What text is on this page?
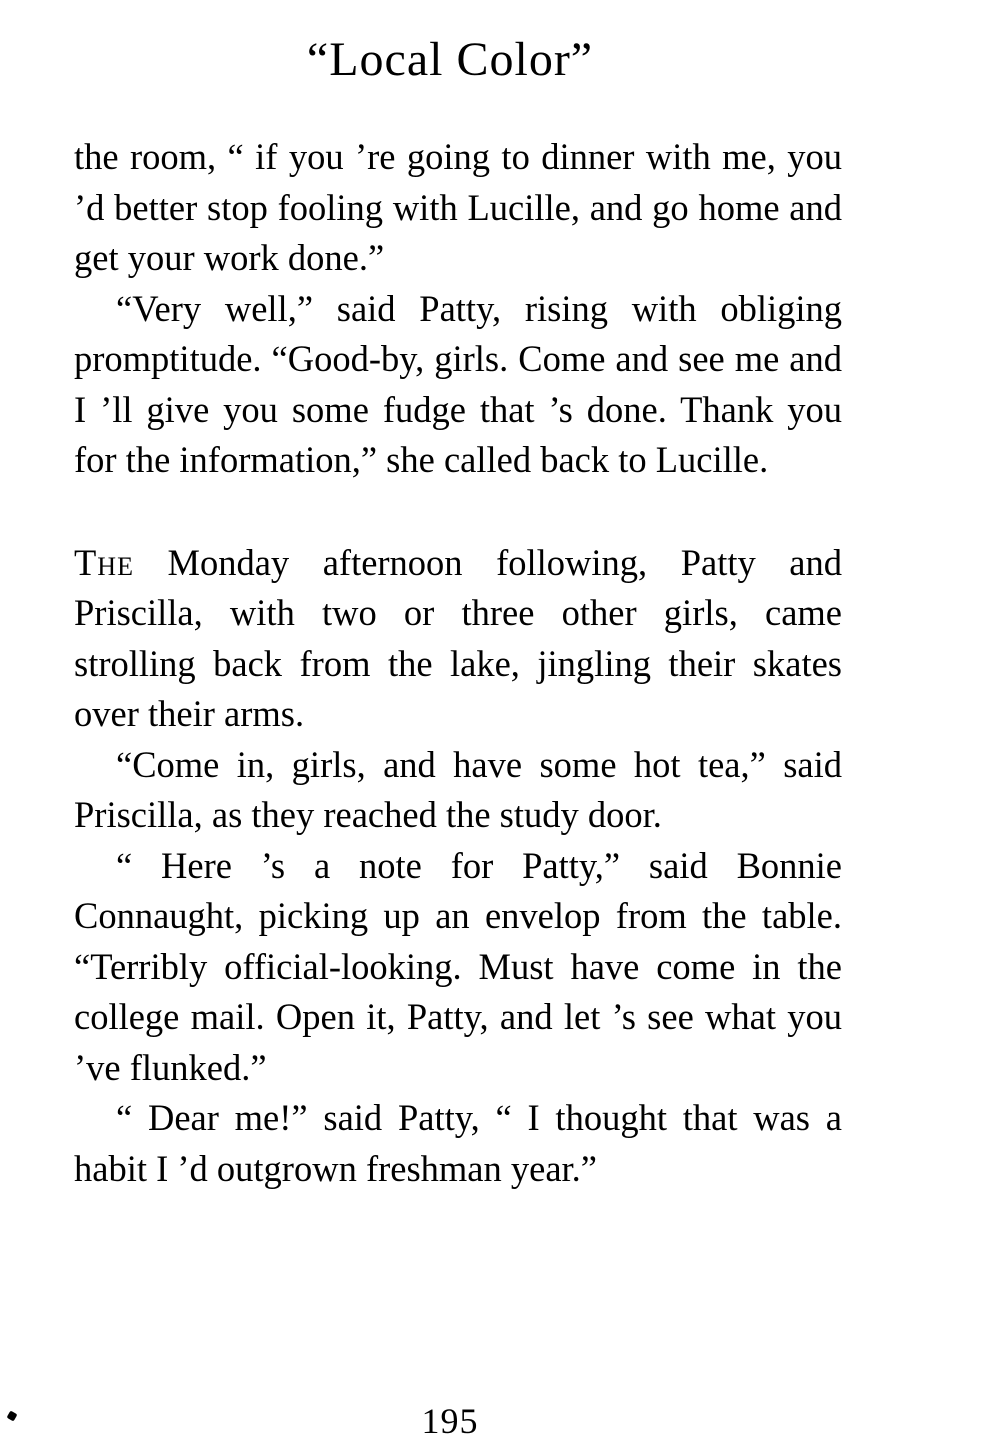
“Local Color”

the room, “ if you ’re going to dinner with me, you ’d better stop fooling with Lucille, and go home and get your work done.”

“Very well,” said Patty, rising with obliging promptitude. “Good-by, girls. Come and see me and I ’ll give you some fudge that ’s done. Thank you for the information,” she called back to Lucille.

The Monday afternoon following, Patty and Priscilla, with two or three other girls, came strolling back from the lake, jingling their skates over their arms.

“Come in, girls, and have some hot tea,” said Priscilla, as they reached the study door.

“ Here ’s a note for Patty,” said Bonnie Connaught, picking up an envelop from the table. “Terribly official-looking. Must have come in the college mail. Open it, Patty, and let ’s see what you ’ve flunked.”

“ Dear me!” said Patty, “ I thought that was a habit I ’d outgrown freshman year.”

195
